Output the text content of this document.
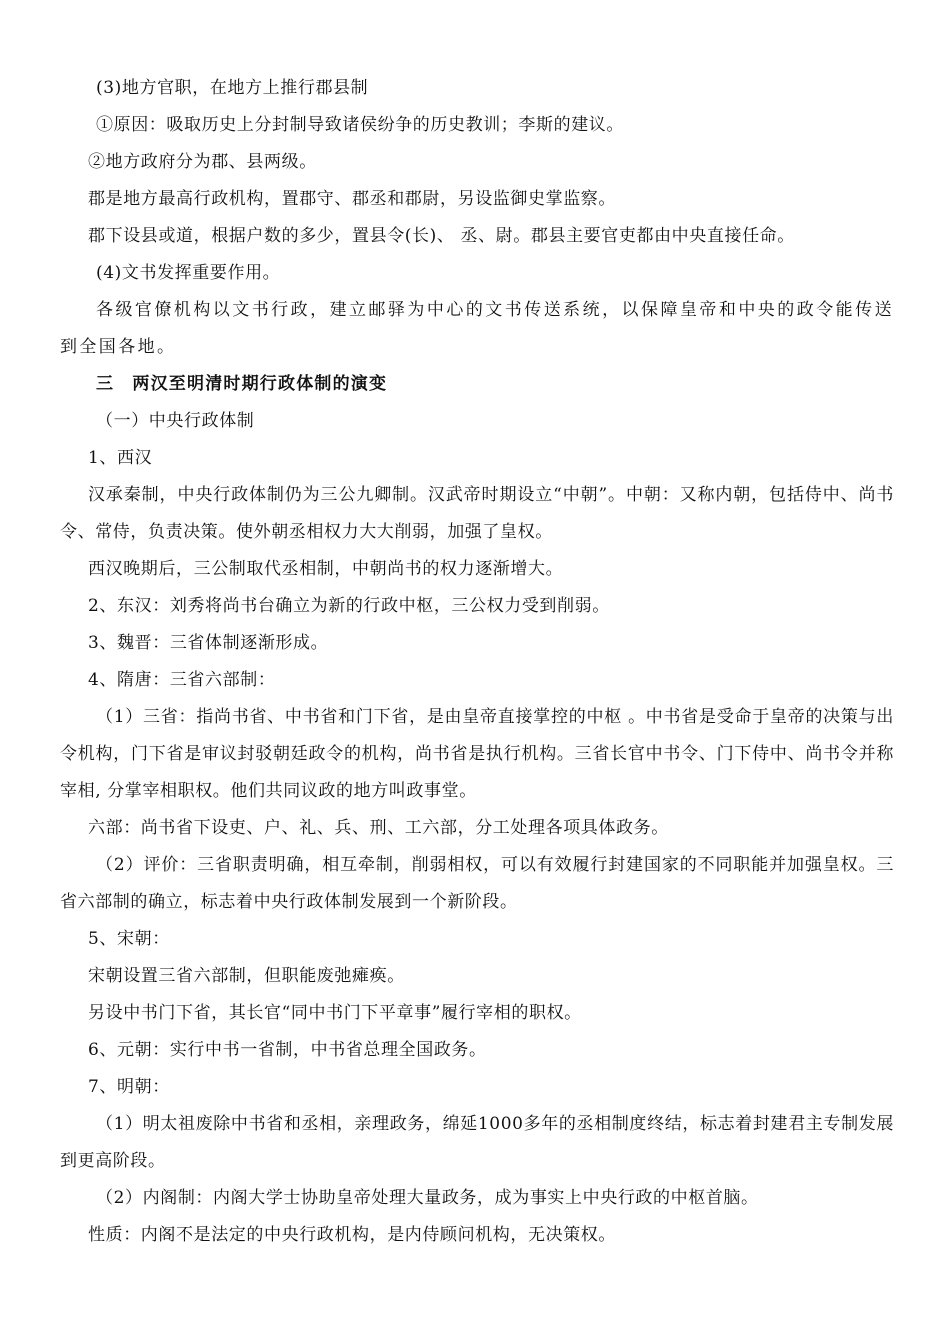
(3)地方官职，在地方上推行郡县制

①原因：吸取历史上分封制导致诸侯纷争的历史教训；李斯的建议。

②地方政府分为郡、县两级。

郡是地方最高行政机构，置郡守、郡丞和郡尉，另设监御史掌监察。

郡下设县或道，根据户数的多少，置县令(长)、 丞、尉。郡县主要官吏都由中央直接任命。

(4)文书发挥重要作用。

各级官僚机构以文书行政，建立邮驿为中心的文书传送系统，以保障皇帝和中央的政令能传送到全国各地。

三　两汉至明清时期行政体制的演变

（一）中央行政体制

1、西汉

汉承秦制，中央行政体制仍为三公九卿制。汉武帝时期设立“中朝”。中朝：又称内朝，包括侍中、尚书令、常侍，负责决策。使外朝丞相权力大大削弱，加强了皇权。

西汉晚期后，三公制取代丞相制，中朝尚书的权力逐渐增大。

2、东汉：刘秀将尚书台确立为新的行政中枢，三公权力受到削弱。

3、魏晋：三省体制逐渐形成。

4、隋唐：三省六部制：

（1）三省：指尚书省、中书省和门下省，是由皇帝直接掌控的中枢 。中书省是受命于皇帝的决策与出令机构，门下省是审议封驳朝廷政令的机构，尚书省是执行机构。三省长官中书令、门下侍中、尚书令并称宰相, 分掌宰相职权。他们共同议政的地方叫政事堂。

六部：尚书省下设吏、户、礼、兵、刑、工六部，分工处理各项具体政务。

（2）评价：三省职责明确，相互牵制，削弱相权，可以有效履行封建国家的不同职能并加强皇权。三省六部制的确立，标志着中央行政体制发展到一个新阶段。

5、宋朝：

宋朝设置三省六部制，但职能废弛瘫痪。

另设中书门下省，其长官“同中书门下平章事”履行宰相的职权。

6、元朝：实行中书一省制，中书省总理全国政务。

7、明朝：

（1）明太祖废除中书省和丞相，亲理政务，绵延1000多年的丞相制度终结，标志着封建君主专制发展到更高阶段。

（2）内阁制：内阁大学士协助皇帝处理大量政务，成为事实上中央行政的中枢首脑。

性质：内阁不是法定的中央行政机构，是内侍顾问机构，无决策权。
